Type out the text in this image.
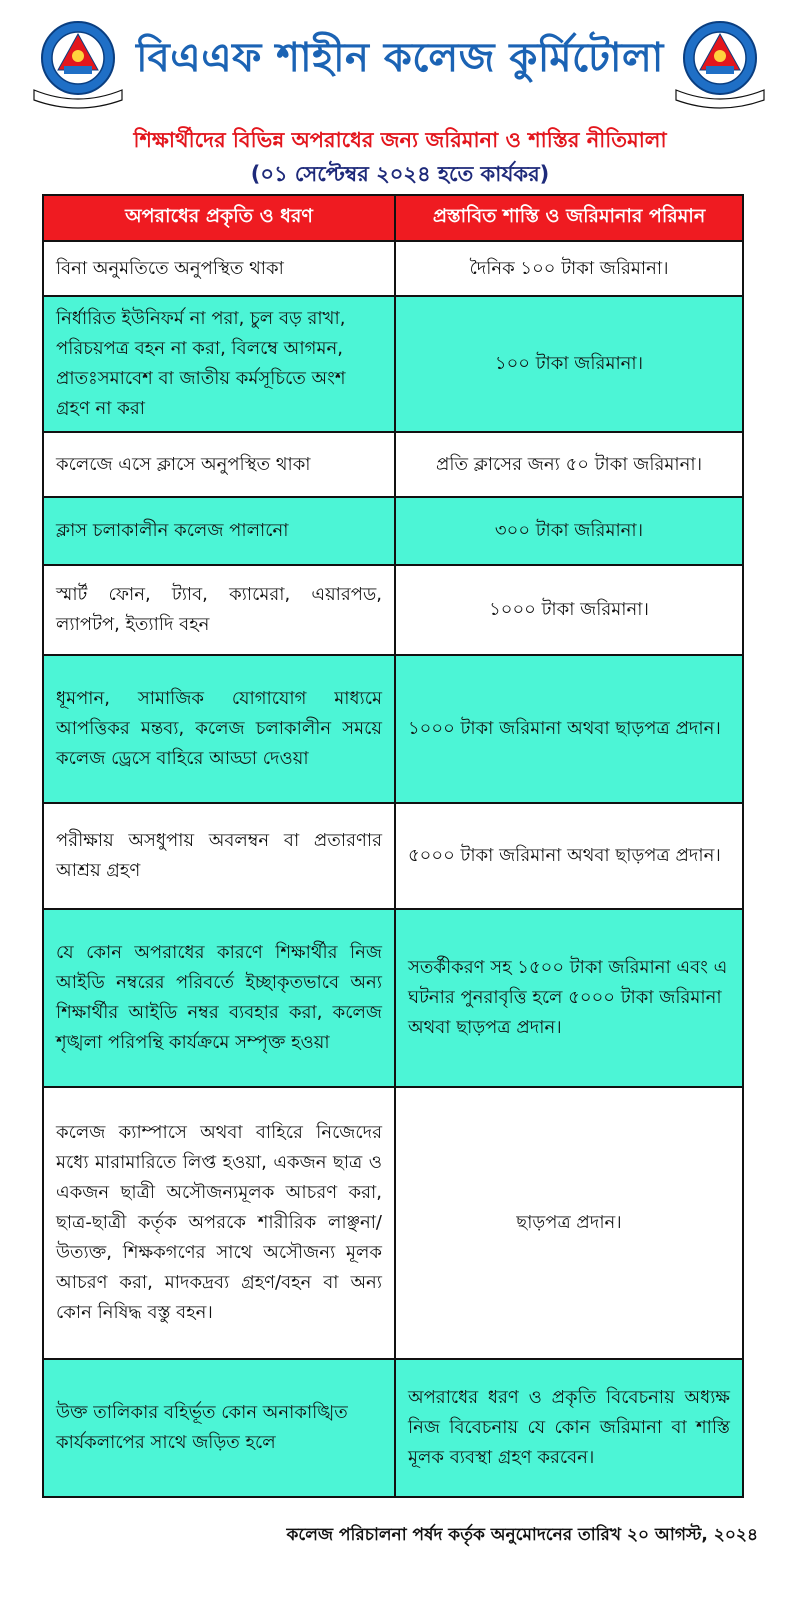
বিএএফ শাহীন কলেজ কুর্মিটোলা
শিক্ষার্থীদের বিভিন্ন অপরাধের জন্য জরিমানা ও শাস্তির নীতিমালা
(০১ সেপ্টেম্বর ২০২৪ হতে কার্যকর)
অপরাধের প্রকৃতি ও ধরণ	প্রস্তাবিত শাস্তি ও জরিমানার পরিমান
বিনা অনুমতিতে অনুপস্থিত থাকা	দৈনিক ১০০ টাকা জরিমানা।
নির্ধারিত ইউনিফর্ম না পরা, চুল বড় রাখা, পরিচয়পত্র বহন না করা, বিলম্বে আগমন, প্রাতঃসমাবেশ বা জাতীয় কর্মসূচিতে অংশ গ্রহণ না করা	১০০ টাকা জরিমানা।
কলেজে এসে ক্লাসে অনুপস্থিত থাকা	প্রতি ক্লাসের জন্য ৫০ টাকা জরিমানা।
ক্লাস চলাকালীন কলেজ পালানো	৩০০ টাকা জরিমানা।
স্মার্ট ফোন, ট্যাব, ক্যামেরা, এয়ারপড, ল্যাপটপ, ইত্যাদি বহন	১০০০ টাকা জরিমানা।
ধূমপান, সামাজিক যোগাযোগ মাধ্যমে আপত্তিকর মন্তব্য, কলেজ চলাকালীন সময়ে কলেজ ড্রেসে বাহিরে আড্ডা দেওয়া	১০০০ টাকা জরিমানা অথবা ছাড়পত্র প্রদান।
পরীক্ষায় অসধুপায় অবলম্বন বা প্রতারণার আশ্রয় গ্রহণ	৫০০০ টাকা জরিমানা অথবা ছাড়পত্র প্রদান।
যে কোন অপরাধের কারণে শিক্ষার্থীর নিজ আইডি নম্বরের পরিবর্তে ইচ্ছাকৃতভাবে অন্য শিক্ষার্থীর আইডি নম্বর ব্যবহার করা, কলেজ শৃঙ্খলা পরিপন্থি কার্যক্রমে সম্পৃক্ত হওয়া	সতর্কীকরণ সহ ১৫০০ টাকা জরিমানা এবং এ ঘটনার পুনরাবৃত্তি হলে ৫০০০ টাকা জরিমানা অথবা ছাড়পত্র প্রদান।
কলেজ ক্যাম্পাসে অথবা বাহিরে নিজেদের মধ্যে মারামারিতে লিপ্ত হওয়া, একজন ছাত্র ও একজন ছাত্রী অসৌজন্যমূলক আচরণ করা, ছাত্র-ছাত্রী কর্তৃক অপরকে শারীরিক লাঞ্ছনা/উত্যক্ত, শিক্ষকগণের সাথে অসৌজন্য মূলক আচরণ করা, মাদকদ্রব্য গ্রহণ/বহন বা অন্য কোন নিষিদ্ধ বস্তু বহন।	ছাড়পত্র প্রদান।
উক্ত তালিকার বহির্ভূত কোন অনাকাঙ্খিত কার্যকলাপের সাথে জড়িত হলে	অপরাধের ধরণ ও প্রকৃতি বিবেচনায় অধ্যক্ষ নিজ বিবেচনায় যে কোন জরিমানা বা শাস্তি মূলক ব্যবস্থা গ্রহণ করবেন।
কলেজ পরিচালনা পর্ষদ কর্তৃক অনুমোদনের তারিখ ২০ আগস্ট, ২০২৪
